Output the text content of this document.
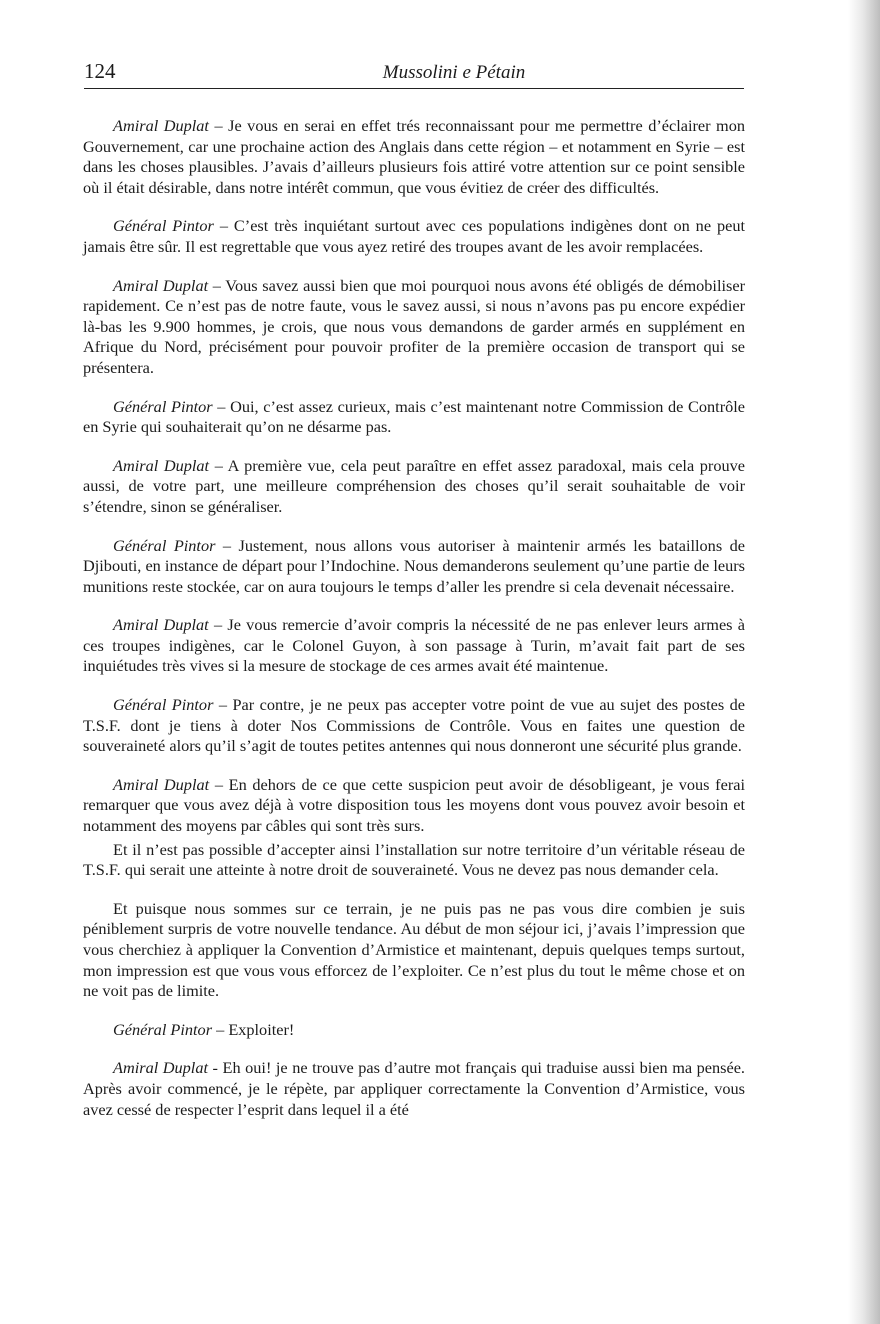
124	Mussolini e Pétain

Amiral Duplat – Je vous en serai en effet trés reconnaissant pour me permettre d’éclairer mon Gouvernement, car une prochaine action des Anglais dans cette région – et notamment en Syrie – est dans les choses plausibles. J’avais d’ailleurs plusieurs fois attiré votre attention sur ce point sensible où il était désirable, dans notre intérêt commun, que vous évitiez de créer des difficultés.

Général Pintor – C’est très inquiétant surtout avec ces populations indigènes dont on ne peut jamais être sûr. Il est regrettable que vous ayez retiré des troupes avant de les avoir remplacées.

Amiral Duplat – Vous savez aussi bien que moi pourquoi nous avons été obligés de démobiliser rapidement. Ce n’est pas de notre faute, vous le savez aussi, si nous n’avons pas pu encore expédier là-bas les 9.900 hommes, je crois, que nous vous demandons de garder armés en supplément en Afrique du Nord, précisément pour pouvoir profiter de la première occasion de transport qui se présentera.

Général Pintor – Oui, c’est assez curieux, mais c’est maintenant notre Commission de Contrôle en Syrie qui souhaiterait qu’on ne désarme pas.

Amiral Duplat – A première vue, cela peut paraître en effet assez paradoxal, mais cela prouve aussi, de votre part, une meilleure compréhension des choses qu’il serait souhaitable de voir s’étendre, sinon se généraliser.

Général Pintor – Justement, nous allons vous autoriser à maintenir armés les bataillons de Djibouti, en instance de départ pour l’Indochine. Nous demanderons seulement qu’une partie de leurs munitions reste stockée, car on aura toujours le temps d’aller les prendre si cela devenait nécessaire.

Amiral Duplat – Je vous remercie d’avoir compris la nécessité de ne pas enlever leurs armes à ces troupes indigènes, car le Colonel Guyon, à son passage à Turin, m’avait fait part de ses inquiétudes très vives si la mesure de stockage de ces armes avait été maintenue.

Général Pintor – Par contre, je ne peux pas accepter votre point de vue au sujet des postes de T.S.F. dont je tiens à doter Nos Commissions de Contrôle. Vous en faites une question de souveraineté alors qu’il s’agit de toutes petites antennes qui nous donneront une sécurité plus grande.

Amiral Duplat – En dehors de ce que cette suspicion peut avoir de désobligeant, je vous ferai remarquer que vous avez déjà à votre disposition tous les moyens dont vous pouvez avoir besoin et notamment des moyens par câbles qui sont très surs.

Et il n’est pas possible d’accepter ainsi l’installation sur notre territoire d’un véritable réseau de T.S.F. qui serait une atteinte à notre droit de souveraineté. Vous ne devez pas nous demander cela.

Et puisque nous sommes sur ce terrain, je ne puis pas ne pas vous dire combien je suis péniblement surpris de votre nouvelle tendance. Au début de mon séjour ici, j’avais l’impression que vous cherchiez à appliquer la Convention d’Armistice et maintenant, depuis quelques temps surtout, mon impression est que vous vous efforcez de l’exploiter. Ce n’est plus du tout le même chose et on ne voit pas de limite.

Général Pintor – Exploiter!

Amiral Duplat - Eh oui! je ne trouve pas d’autre mot français qui traduise aussi bien ma pensée. Après avoir commencé, je le répète, par appliquer correctamente la Convention d’Armistice, vous avez cessé de respecter l’esprit dans lequel il a été
